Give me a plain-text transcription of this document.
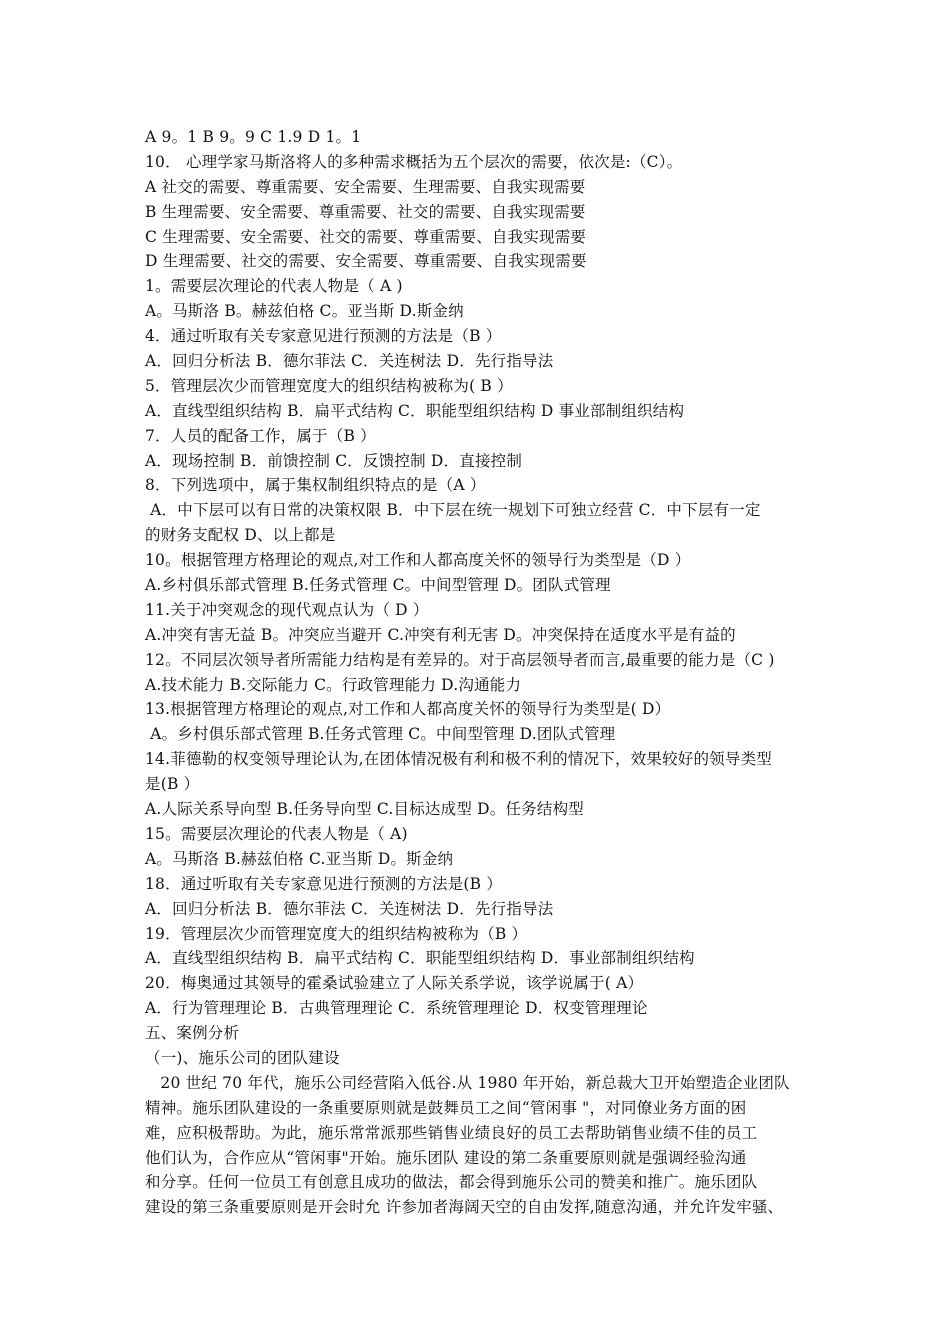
A 9。1 B 9。9 C 1.9 D 1。1
10． 心理学家马斯洛将人的多种需求概括为五个层次的需要，依次是:（C）。
A 社交的需要、尊重需要、安全需要、生理需要、自我实现需要
B 生理需要、安全需要、尊重需要、社交的需要、自我实现需要
C 生理需要、安全需要、社交的需要、尊重需要、自我实现需要
D 生理需要、社交的需要、安全需要、尊重需要、自我实现需要
1。需要层次理论的代表人物是（ A )
A。马斯洛 B。赫兹伯格 C。亚当斯 D.斯金纳
4．通过听取有关专家意见进行预测的方法是（B ）
A．回归分析法 B．德尔菲法 C．关连树法 D．先行指导法
5．管理层次少而管理宽度大的组织结构被称为( B ）
A．直线型组织结构 B．扁平式结构 C．职能型组织结构 D 事业部制组织结构
7．人员的配备工作，属于（B ）
A．现场控制 B．前馈控制 C．反馈控制 D．直接控制
8．下列选项中，属于集权制组织特点的是（A ）
A．中下层可以有日常的决策权限 B．中下层在统一规划下可独立经营 C．中下层有一定
的财务支配权 D、以上都是
10。根据管理方格理论的观点,对工作和人都高度关怀的领导行为类型是（D ）
A.乡村俱乐部式管理 B.任务式管理 C。中间型管理 D。团队式管理
11.关于冲突观念的现代观点认为（ D ）
A.冲突有害无益 B。冲突应当避开 C.冲突有利无害 D。冲突保持在适度水平是有益的
12。不同层次领导者所需能力结构是有差异的。对于高层领导者而言,最重要的能力是（C )
A.技术能力 B.交际能力 C。行政管理能力 D.沟通能力
13.根据管理方格理论的观点,对工作和人都高度关怀的领导行为类型是( D）
A。乡村俱乐部式管理 B.任务式管理 C。中间型管理 D.团队式管理
14.菲德勒的权变领导理论认为,在团体情况极有利和极不利的情况下，效果较好的领导类型
是(B ）
A.人际关系导向型 B.任务导向型 C.目标达成型 D。任务结构型
15。需要层次理论的代表人物是（ A)
A。马斯洛 B.赫兹伯格 C.亚当斯 D。斯金纳
18．通过听取有关专家意见进行预测的方法是(B ）
A．回归分析法 B．德尔菲法 C．关连树法 D．先行指导法
19．管理层次少而管理宽度大的组织结构被称为（B ）
A．直线型组织结构 B．扁平式结构 C．职能型组织结构 D．事业部制组织结构
20．梅奥通过其领导的霍桑试验建立了人际关系学说，该学说属于( A）
A．行为管理理论 B．古典管理理论 C．系统管理理论 D．权变管理理论
五、案例分析
（一)、施乐公司的团队建设
20 世纪 70 年代，施乐公司经营陷入低谷.从 1980 年开始，新总裁大卫开始塑造企业团队
精神。施乐团队建设的一条重要原则就是鼓舞员工之间“管闲事 "，对同僚业务方面的困
难，应积极帮助。为此，施乐常常派那些销售业绩良好的员工去帮助销售业绩不佳的员工
他们认为，合作应从“管闲事"开始。施乐团队 建设的第二条重要原则就是强调经验沟通
和分享。任何一位员工有创意且成功的做法，都会得到施乐公司的赞美和推广。施乐团队
建设的第三条重要原则是开会时允 许参加者海阔天空的自由发挥,随意沟通，并允许发牢骚、
